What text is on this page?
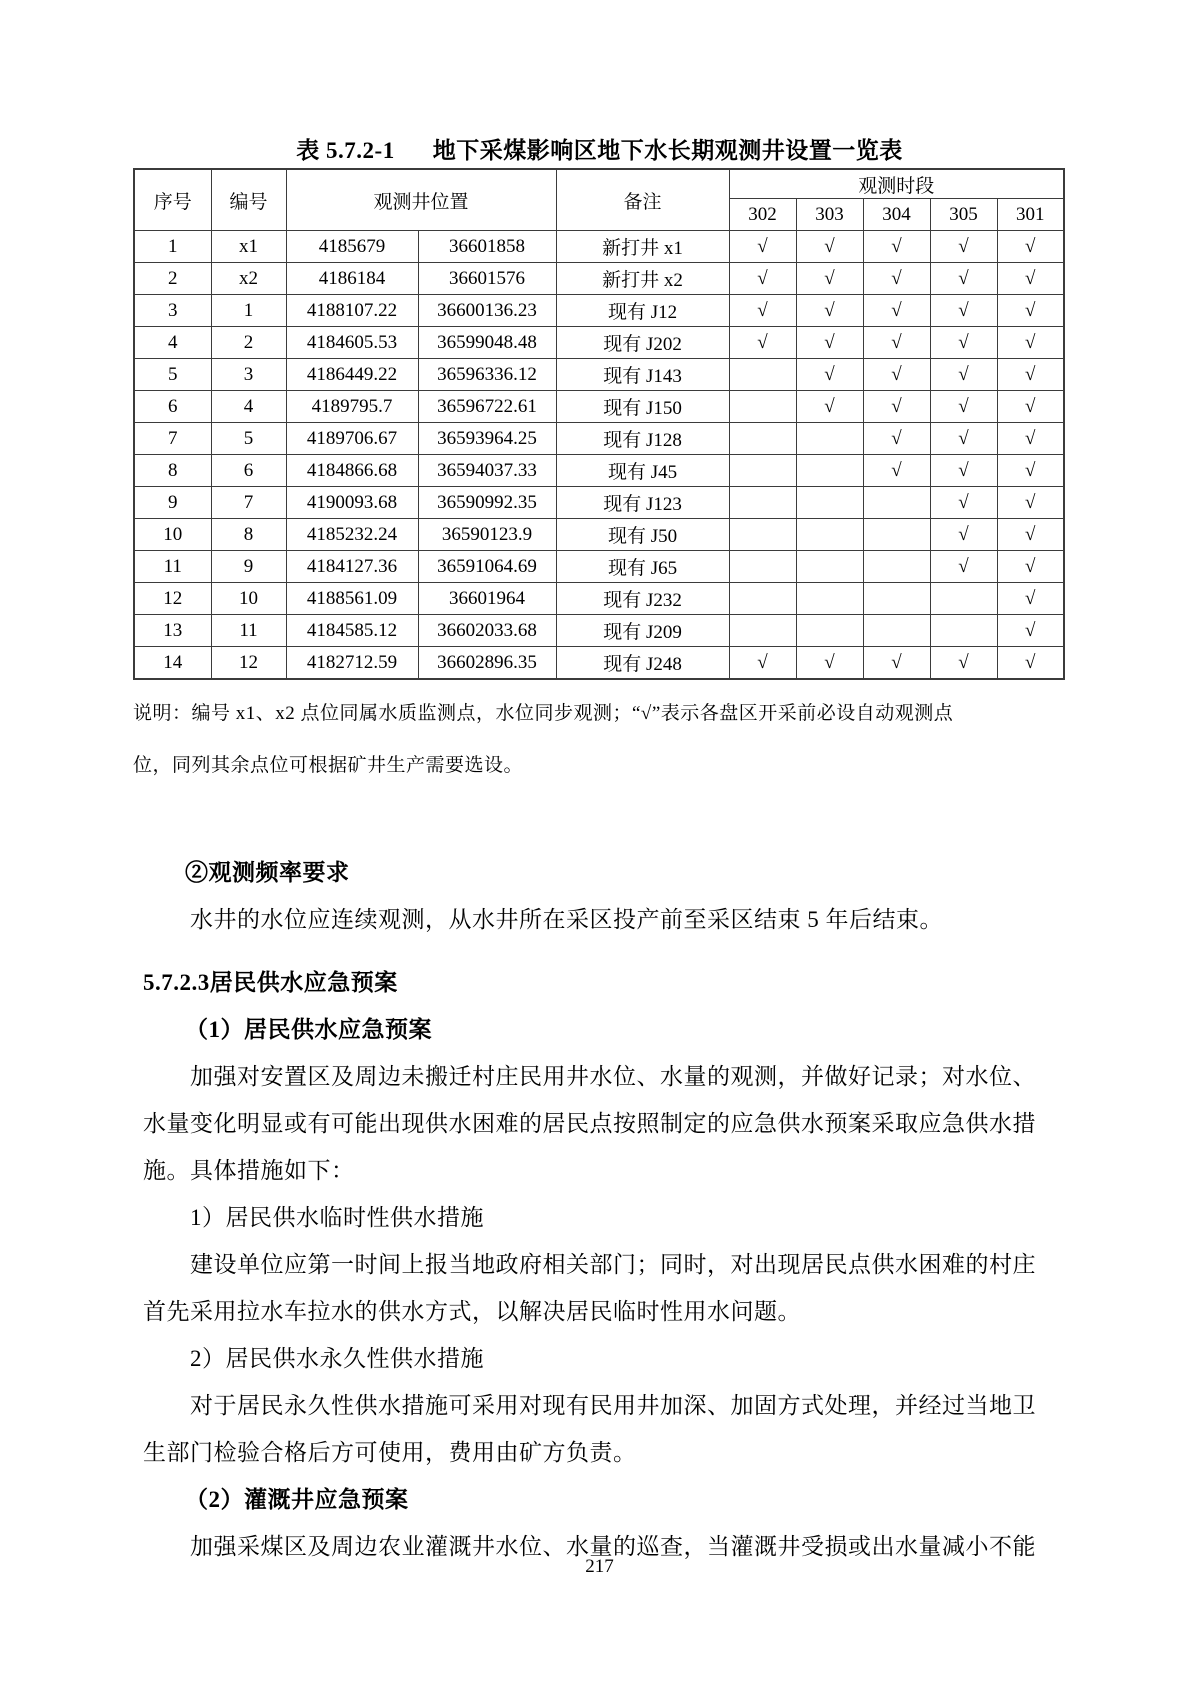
表 5.7.2-1 地下采煤影响区地下水长期观测井设置一览表
序号	编号	观测井位置		备注	观测时段				
					302	303	304	305	301
1	x1	4185679	36601858	新打井 x1	√	√	√	√	√
2	x2	4186184	36601576	新打井 x2	√	√	√	√	√
3	1	4188107.22	36600136.23	现有 J12	√	√	√	√	√
4	2	4184605.53	36599048.48	现有 J202	√	√	√	√	√
5	3	4186449.22	36596336.12	现有 J143		√	√	√	√
6	4	4189795.7	36596722.61	现有 J150		√	√	√	√
7	5	4189706.67	36593964.25	现有 J128			√	√	√
8	6	4184866.68	36594037.33	现有 J45			√	√	√
9	7	4190093.68	36590992.35	现有 J123				√	√
10	8	4185232.24	36590123.9	现有 J50				√	√
11	9	4184127.36	36591064.69	现有 J65				√	√
12	10	4188561.09	36601964	现有 J232					√
13	11	4184585.12	36602033.68	现有 J209					√
14	12	4182712.59	36602896.35	现有 J248	√	√	√	√	√
说明：编号 x1、x2 点位同属水质监测点，水位同步观测；“√”表示各盘区开采前必设自动观测点
位，同列其余点位可根据矿井生产需要选设。
②观测频率要求
水井的水位应连续观测，从水井所在采区投产前至采区结束 5 年后结束。
5.7.2.3居民供水应急预案
（1）居民供水应急预案
加强对安置区及周边未搬迁村庄民用井水位、水量的观测，并做好记录；对水位、
水量变化明显或有可能出现供水困难的居民点按照制定的应急供水预案采取应急供水措
施。具体措施如下：
1）居民供水临时性供水措施
建设单位应第一时间上报当地政府相关部门；同时，对出现居民点供水困难的村庄
首先采用拉水车拉水的供水方式，以解决居民临时性用水问题。
2）居民供水永久性供水措施
对于居民永久性供水措施可采用对现有民用井加深、加固方式处理，并经过当地卫
生部门检验合格后方可使用，费用由矿方负责。
（2）灌溉井应急预案
加强采煤区及周边农业灌溉井水位、水量的巡查，当灌溉井受损或出水量减小不能
217
